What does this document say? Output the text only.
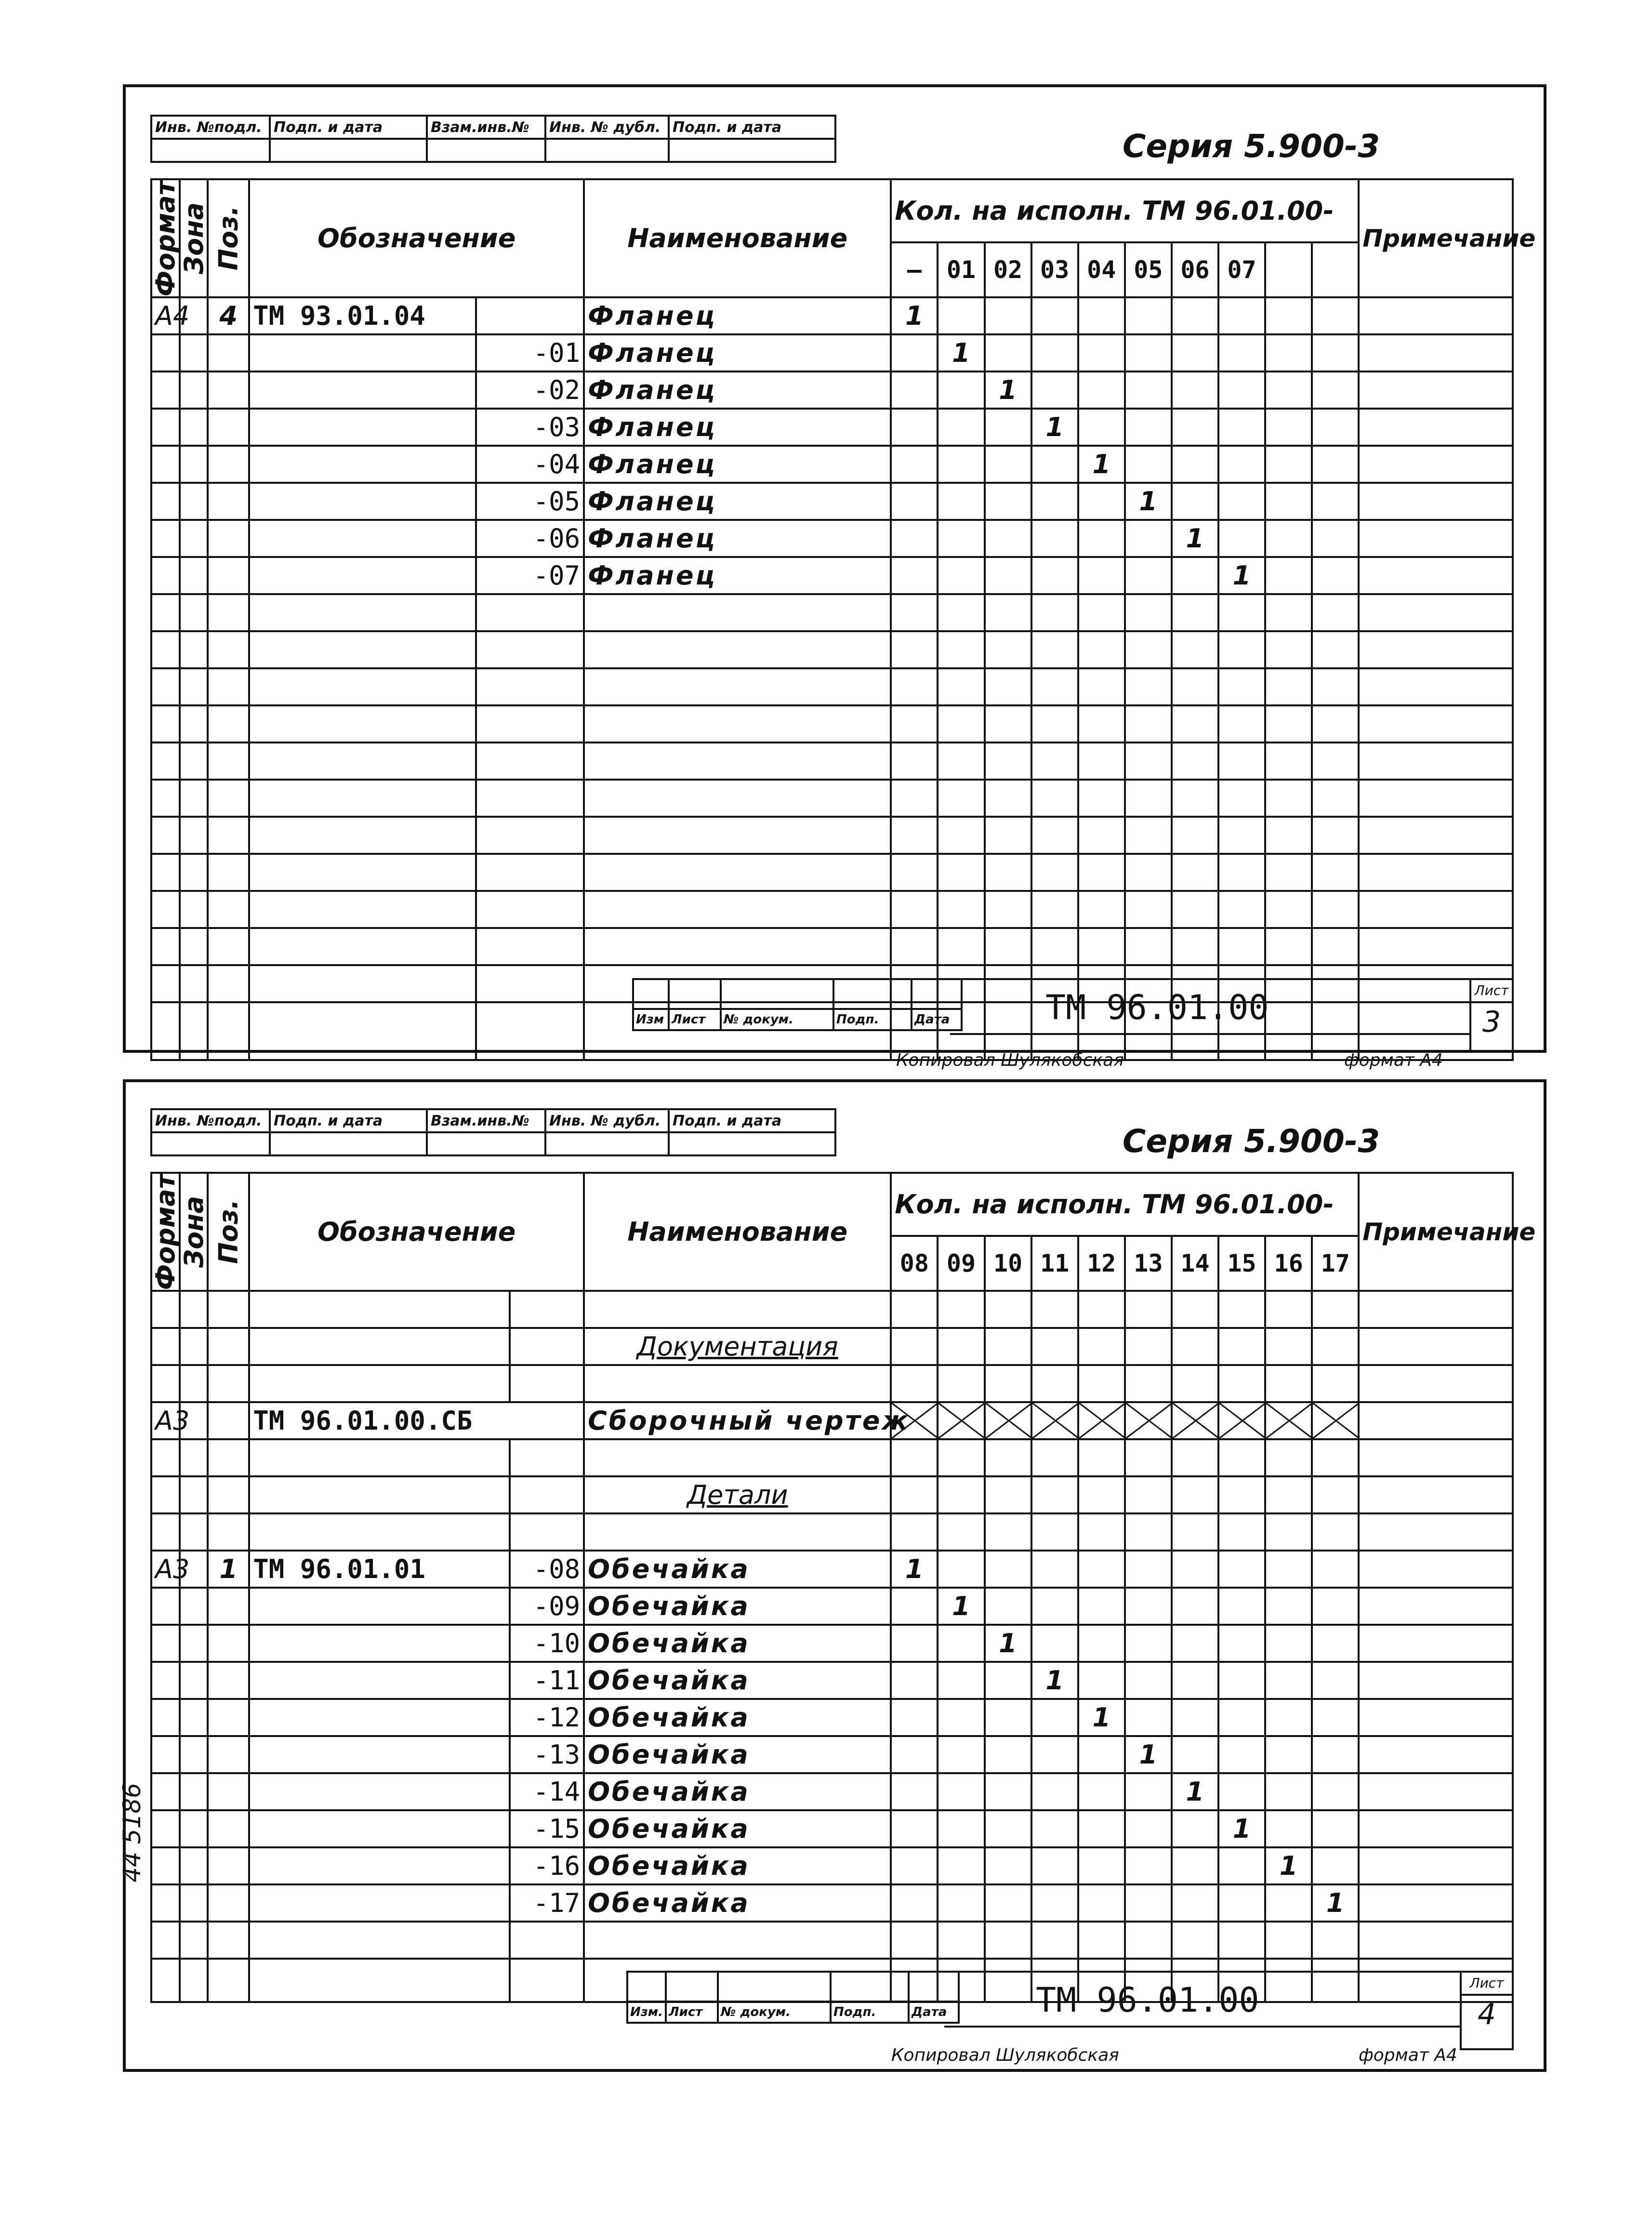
Инв. №подл.	Подп. и дата	Взам.инв.№	Инв. № дубл.	Подп. и дата

Серия 5.900-3
Формат	Зона	Поз.	Обозначение		Наименование	Кол. на исполн. ТМ 96.01.00-										Примечание
						—	01	02	03	04	05	06	07			
А4		4	ТМ 93.01.04		Фланец	1										
				-01	Фланец		1									
				-02	Фланец			1								
				-03	Фланец				1							
				-04	Фланец					1						
				-05	Фланец						1					
				-06	Фланец							1				
				-07	Фланец								1			

Изм	Лист	№ докум.	Подп.	Дата	ТМ 96.01.00	Лист
3
Копировал Шулякобская	формат А4
Инв. №подл.	Подп. и дата	Взам.инв.№	Инв. № дубл.	Подп. и дата

Серия 5.900-3
Формат	Зона	Поз.	Обозначение		Наименование	Кол. на исполн. ТМ 96.01.00-										Примечание
						08	09	10	11	12	13	14	15	16	17	

					Документация											

А3			ТМ 96.01.00.СБ		Сборочный чертеж	

					Детали											

А3		1	ТМ 96.01.01	-08	Обечайка	1										
				-09	Обечайка		1									
				-10	Обечайка			1								
				-11	Обечайка				1							
				-12	Обечайка					1						
				-13	Обечайка						1					
				-14	Обечайка							1				
				-15	Обечайка								1			
				-16	Обечайка									1		
				-17	Обечайка										1	

Изм.	Лист	№ докум.	Подп.	Дата	ТМ 96.01.00	Лист
4
Копировал Шулякобская	формат А4
44 5186
